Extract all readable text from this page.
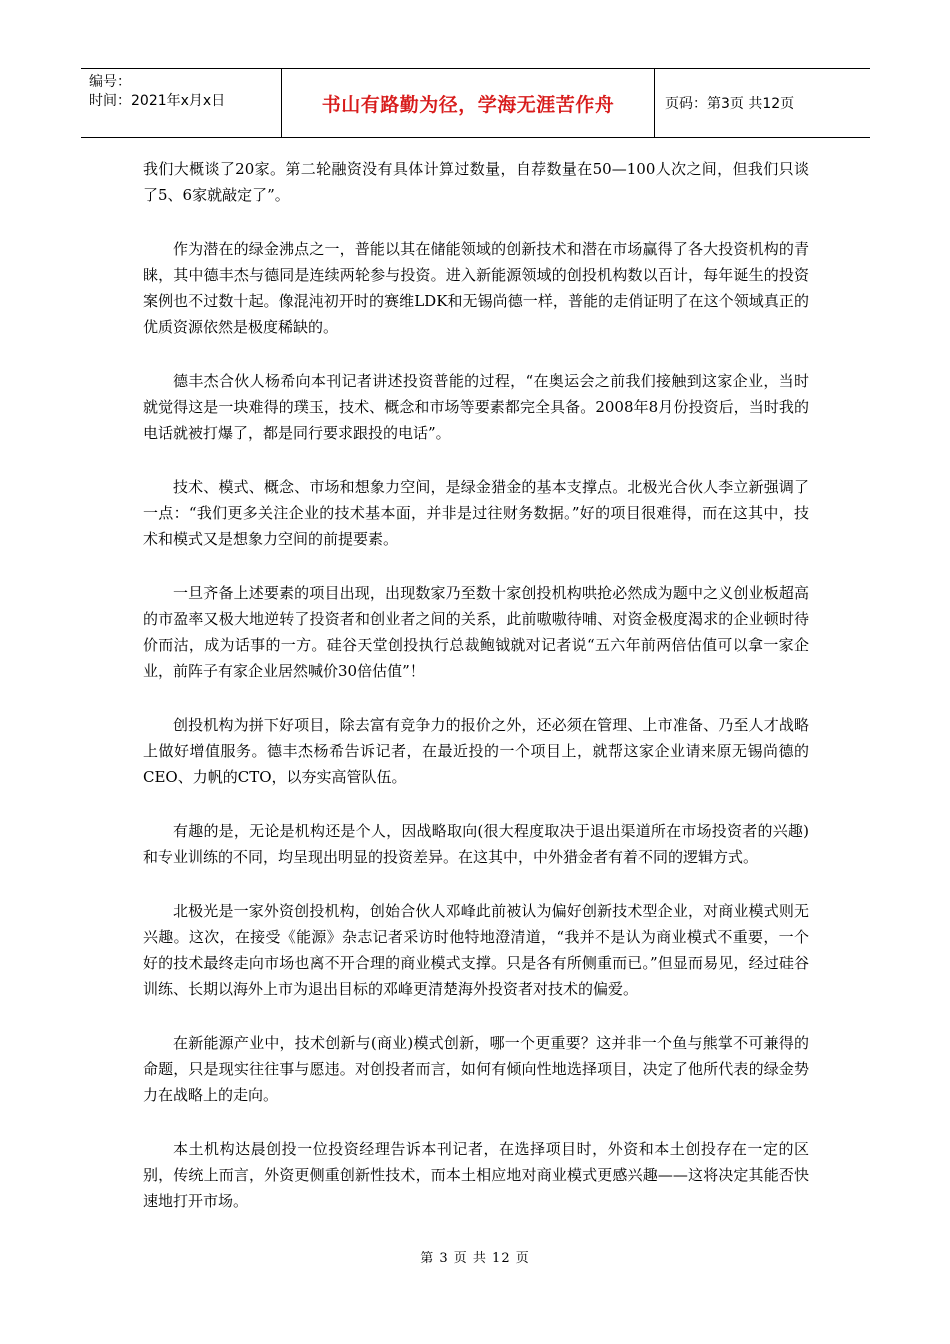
编号：
时间：2021年x月x日	书山有路勤为径，学海无涯苦作舟	页码：第3页 共12页

我们大概谈了20家。第二轮融资没有具体计算过数量，自荐数量在50—100人次之间，但我们只谈了5、6家就敲定了”。

作为潜在的绿金沸点之一，普能以其在储能领域的创新技术和潜在市场赢得了各大投资机构的青睐，其中德丰杰与德同是连续两轮参与投资。进入新能源领域的创投机构数以百计，每年诞生的投资案例也不过数十起。像混沌初开时的赛维LDK和无锡尚德一样，普能的走俏证明了在这个领域真正的优质资源依然是极度稀缺的。

德丰杰合伙人杨希向本刊记者讲述投资普能的过程，“在奥运会之前我们接触到这家企业，当时就觉得这是一块难得的璞玉，技术、概念和市场等要素都完全具备。2008年8月份投资后，当时我的电话就被打爆了，都是同行要求跟投的电话”。

技术、模式、概念、市场和想象力空间，是绿金猎金的基本支撑点。北极光合伙人李立新强调了一点：“我们更多关注企业的技术基本面，并非是过往财务数据。”好的项目很难得，而在这其中，技术和模式又是想象力空间的前提要素。

一旦齐备上述要素的项目出现，出现数家乃至数十家创投机构哄抢必然成为题中之义创业板超高的市盈率又极大地逆转了投资者和创业者之间的关系，此前嗷嗷待哺、对资金极度渴求的企业顿时待价而沽，成为话事的一方。硅谷天堂创投执行总裁鲍钺就对记者说“五六年前两倍估值可以拿一家企业，前阵子有家企业居然喊价30倍估值”！

创投机构为拼下好项目，除去富有竞争力的报价之外，还必须在管理、上市准备、乃至人才战略上做好增值服务。德丰杰杨希告诉记者，在最近投的一个项目上，就帮这家企业请来原无锡尚德的CEO、力帆的CTO，以夯实高管队伍。

有趣的是，无论是机构还是个人，因战略取向(很大程度取决于退出渠道所在市场投资者的兴趣)和专业训练的不同，均呈现出明显的投资差异。在这其中，中外猎金者有着不同的逻辑方式。

北极光是一家外资创投机构，创始合伙人邓峰此前被认为偏好创新技术型企业，对商业模式则无兴趣。这次，在接受《能源》杂志记者采访时他特地澄清道，“我并不是认为商业模式不重要，一个好的技术最终走向市场也离不开合理的商业模式支撑。只是各有所侧重而已。”但显而易见，经过硅谷训练、长期以海外上市为退出目标的邓峰更清楚海外投资者对技术的偏爱。

在新能源产业中，技术创新与(商业)模式创新，哪一个更重要？这并非一个鱼与熊掌不可兼得的命题，只是现实往往事与愿违。对创投者而言，如何有倾向性地选择项目，决定了他所代表的绿金势力在战略上的走向。

本土机构达晨创投一位投资经理告诉本刊记者，在选择项目时，外资和本土创投存在一定的区别，传统上而言，外资更侧重创新性技术，而本土相应地对商业模式更感兴趣——这将决定其能否快速地打开市场。

第 3 页 共 12 页
